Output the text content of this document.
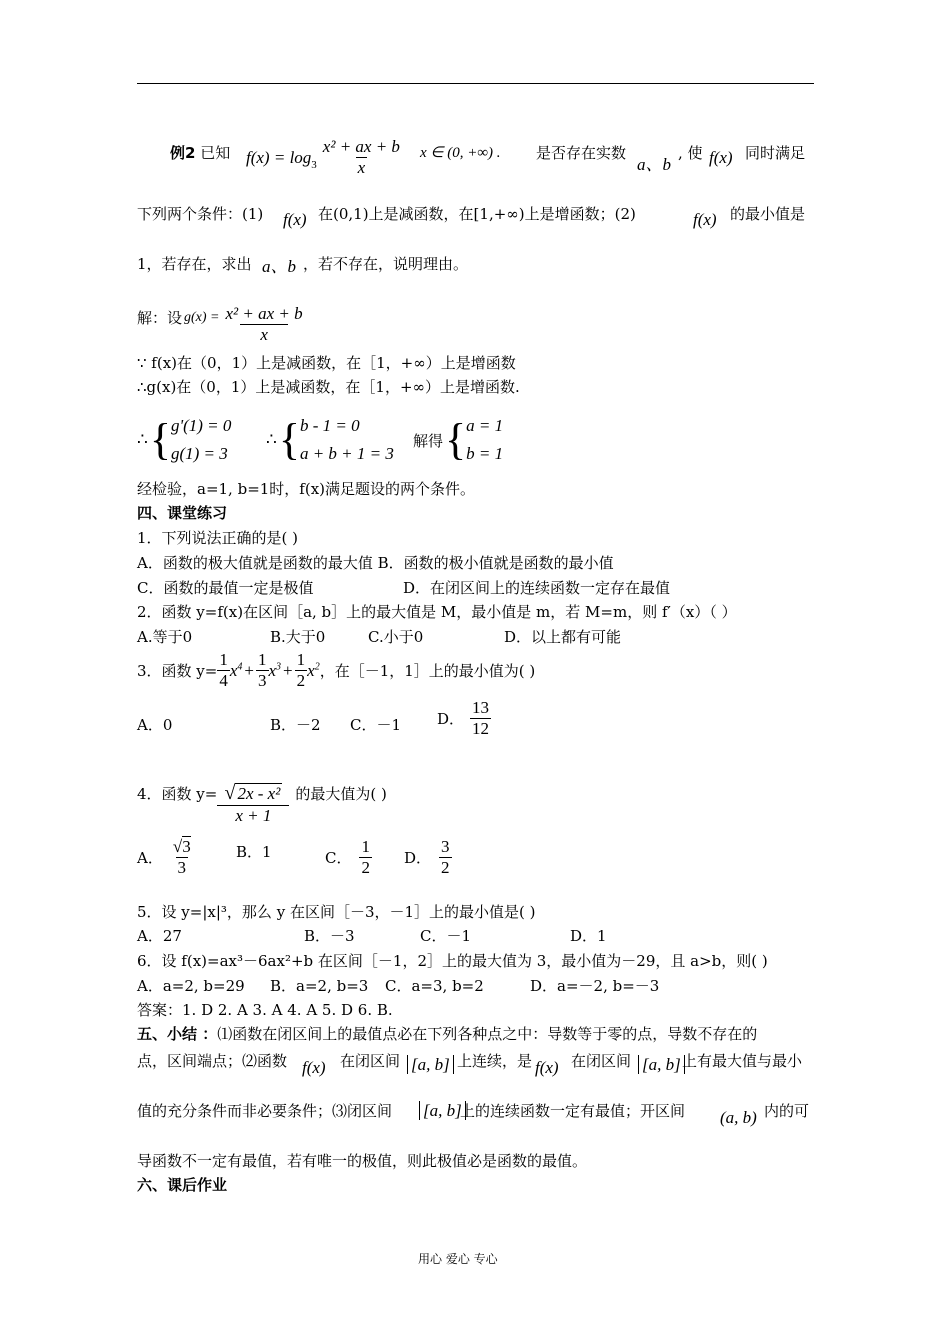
例2 已知 $f(x) = \log_3 \frac{\text{x² + ax + b}}{x}$ x ∈ (0, +∞) . 是否存在实数
a、b
, 使 f(x) 同时满足
下列两个条件：(1) f(x) 在(0,1)上是减函数，在[1,+∞)上是增函数；(2)	f(x) 的最小值是
1，若存在，求出 a、b ，若不存在，说明理由。
解：设 $g(x) = \frac{\text{x² + ax + b}}{x}$
∵ f(x)在（0，1）上是减函数，在［1，+∞）上是增函数
∴g(x)在（0，1）上是减函数，在［1，+∞）上是增函数.
∴ { g'(1) = 0
g(1) = 3
∴ { b - 1 = 0
a + b + 1 = 3
解得 { a = 1
b = 1
经检验，a=1, b=1时，f(x)满足题设的两个条件。
四、课堂练习
1．下列说法正确的是( )
A．函数的极大值就是函数的最大值 B．函数的极小值就是函数的最小值
C．函数的最值一定是极值	D．在闭区间上的连续函数一定存在最值
2．函数 y=f(x)在区间［a, b］上的最大值是 M，最小值是 m，若 M=m，则 f′（x）（ ）
A.等于0	B.大于0	C.小于0	D．以上都有可能
3．函数 $y= \frac{1}{4} x^4 + \frac{1}{3} x^3 + \frac{1}{2} x^2$ ，在［－1，1］上的最小值为( )
A．0	B．－2 C．－1 D． $\frac{13}{12}$
4．函数 $y= \frac{\text{√ 2x - x²}}{x + 1}$ 的最大值为( )
A． $\frac{√3}{3}$	B．1	C． $\frac{1}{2}$ D． $\frac{3}{2}$
5．设 y=|x|³，那么 y 在区间［－3，－1］上的最小值是( )
A．27	B．－3	C．－1	D．1
6．设 f(x)=ax³－6ax²+b 在区间［－1，2］上的最大值为 3，最小值为－29，且 a>b，则( )
A．a=2, b=29 B．a=2, b=3 C．a=3, b=2	D．a=－2, b=－3
答案：1. D 2. A 3. A 4. A 5. D 6. B.
五、小结 ：⑴函数在闭区间上的最值点必在下列各种点之中：导数等于零的点，导数不存在的
点，区间端点；⑵函数 f(x) 在闭区间 [a, b] 上连续，是 f(x) 在闭区间 [a, b] 上有最大值与最小
值的充分条件而非必要条件；⑶闭区间 [a, b]
上的连续函数一定有最值；开区间 (a, b) 内的可
导函数不一定有最值，若有唯一的极值，则此极值必是函数的最值。
六、课后作业
用心 爱心 专心
